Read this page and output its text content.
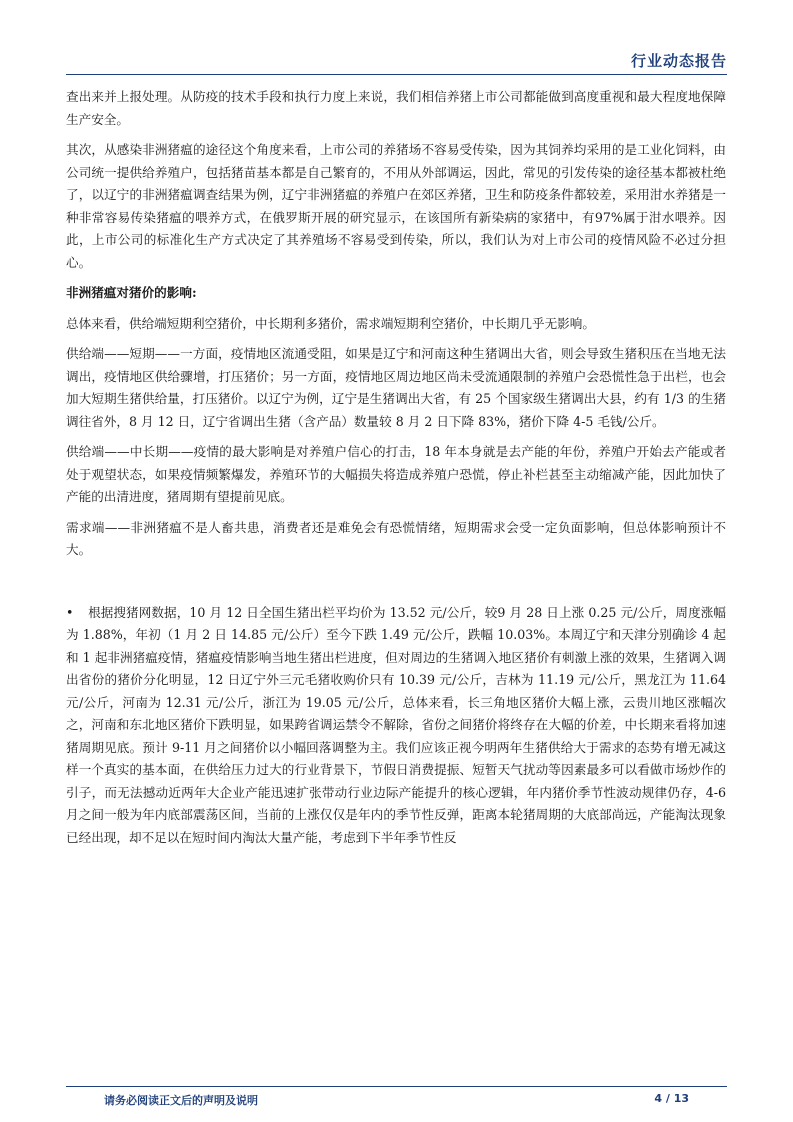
行业动态报告

查出来并上报处理。从防疫的技术手段和执行力度上来说，我们相信养猪上市公司都能做到高度重视和最大程度地保障生产安全。

其次，从感染非洲猪瘟的途径这个角度来看，上市公司的养猪场不容易受传染，因为其饲养均采用的是工业化饲料，由公司统一提供给养殖户，包括猪苗基本都是自己繁育的，不用从外部调运，因此，常见的引发传染的途径基本都被杜绝了，以辽宁的非洲猪瘟调查结果为例，辽宁非洲猪瘟的养殖户在郊区养猪，卫生和防疫条件都较差，采用泔水养猪是一种非常容易传染猪瘟的喂养方式，在俄罗斯开展的研究显示，在该国所有新染病的家猪中，有97%属于泔水喂养。因此，上市公司的标准化生产方式决定了其养殖场不容易受到传染，所以，我们认为对上市公司的疫情风险不必过分担心。

非洲猪瘟对猪价的影响:

总体来看，供给端短期利空猪价，中长期利多猪价，需求端短期利空猪价，中长期几乎无影响。

供给端——短期——一方面，疫情地区流通受阻，如果是辽宁和河南这种生猪调出大省，则会导致生猪积压在当地无法调出，疫情地区供给骤增，打压猪价；另一方面，疫情地区周边地区尚未受流通限制的养殖户会恐慌性急于出栏，也会加大短期生猪供给量，打压猪价。以辽宁为例，辽宁是生猪调出大省，有 25 个国家级生猪调出大县，约有 1/3 的生猪调往省外，8 月 12 日，辽宁省调出生猪（含产品）数量较 8 月 2 日下降 83%，猪价下降 4-5 毛钱/公斤。

供给端——中长期——疫情的最大影响是对养殖户信心的打击，18 年本身就是去产能的年份，养殖户开始去产能或者处于观望状态，如果疫情频繁爆发，养殖环节的大幅损失将造成养殖户恐慌，停止补栏甚至主动缩减产能，因此加快了产能的出清进度，猪周期有望提前见底。

需求端——非洲猪瘟不是人畜共患，消费者还是难免会有恐慌情绪，短期需求会受一定负面影响，但总体影响预计不大。

• 根据搜猪网数据，10 月 12 日全国生猪出栏平均价为 13.52 元/公斤，较9 月 28 日上涨 0.25 元/公斤，周度涨幅为 1.88%，年初（1 月 2 日 14.85 元/公斤）至今下跌 1.49 元/公斤，跌幅 10.03%。本周辽宁和天津分别确诊 4 起和 1 起非洲猪瘟疫情，猪瘟疫情影响当地生猪出栏进度，但对周边的生猪调入地区猪价有刺激上涨的效果，生猪调入调出省份的猪价分化明显，12 日辽宁外三元毛猪收购价只有 10.39 元/公斤，吉林为 11.19 元/公斤，黑龙江为 11.64 元/公斤，河南为 12.31 元/公斤，浙江为 19.05 元/公斤，总体来看，长三角地区猪价大幅上涨，云贵川地区涨幅次之，河南和东北地区猪价下跌明显，如果跨省调运禁令不解除，省份之间猪价将终存在大幅的价差，中长期来看将加速猪周期见底。预计 9-11 月之间猪价以小幅回落调整为主。我们应该正视今明两年生猪供给大于需求的态势有增无减这样一个真实的基本面，在供给压力过大的行业背景下，节假日消费提振、短暂天气扰动等因素最多可以看做市场炒作的引子，而无法撼动近两年大企业产能迅速扩张带动行业边际产能提升的核心逻辑，年内猪价季节性波动规律仍存，4-6 月之间一般为年内底部震荡区间，当前的上涨仅仅是年内的季节性反弹，距离本轮猪周期的大底部尚远，产能淘汰现象已经出现，却不足以在短时间内淘汰大量产能，考虑到下半年季节性反

请务必阅读正文后的声明及说明	4 / 13
